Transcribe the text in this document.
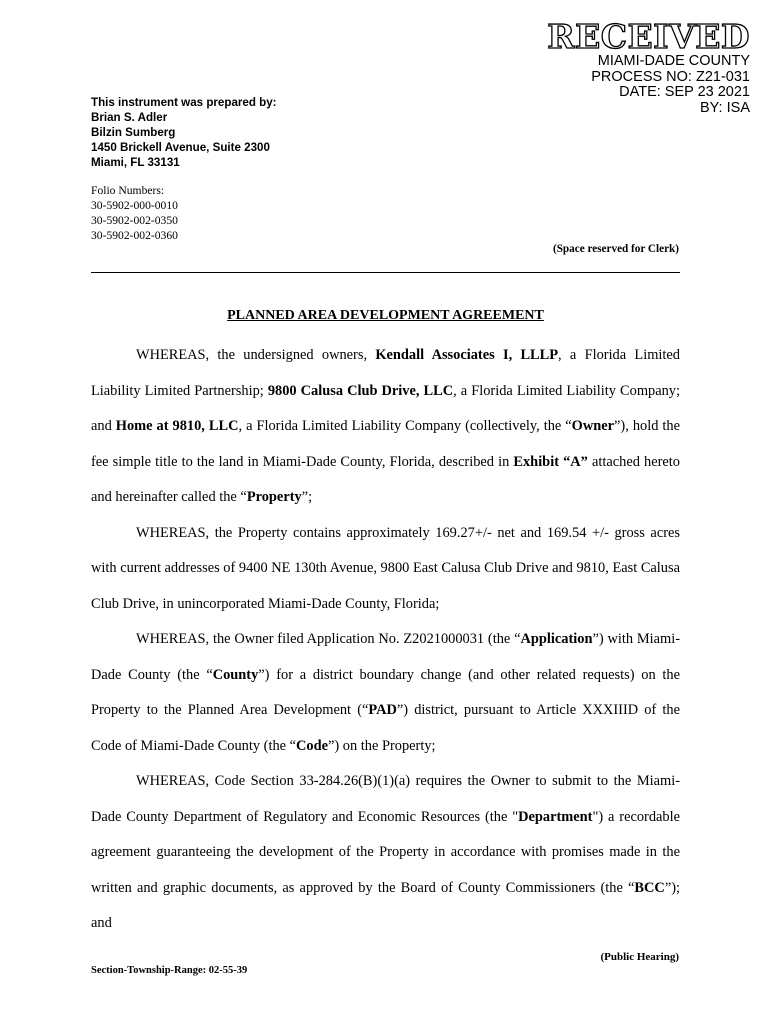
RECEIVED
MIAMI-DADE COUNTY
PROCESS NO: Z21-031
DATE: SEP 23 2021
BY: ISA
This instrument was prepared by:
Brian S. Adler
Bilzin Sumberg
1450 Brickell Avenue, Suite 2300
Miami, FL 33131
Folio Numbers:
30-5902-000-0010
30-5902-002-0350
30-5902-002-0360
(Space reserved for Clerk)
PLANNED AREA DEVELOPMENT AGREEMENT

WHEREAS, the undersigned owners, Kendall Associates I, LLLP, a Florida Limited Liability Limited Partnership; 9800 Calusa Club Drive, LLC, a Florida Limited Liability Company; and Home at 9810, LLC, a Florida Limited Liability Company (collectively, the “Owner”), hold the fee simple title to the land in Miami-Dade County, Florida, described in Exhibit “A” attached hereto and hereinafter called the “Property”;

WHEREAS, the Property contains approximately 169.27+/- net and 169.54 +/- gross acres with current addresses of 9400 NE 130th Avenue, 9800 East Calusa Club Drive and 9810, East Calusa Club Drive, in unincorporated Miami-Dade County, Florida;

WHEREAS, the Owner filed Application No. Z2021000031 (the “Application”) with Miami-Dade County (the “County”) for a district boundary change (and other related requests) on the Property to the Planned Area Development (“PAD”) district, pursuant to Article XXXIIID of the Code of Miami-Dade County (the “Code”) on the Property;

WHEREAS, Code Section 33-284.26(B)(1)(a) requires the Owner to submit to the Miami-Dade County Department of Regulatory and Economic Resources (the "Department") a recordable agreement guaranteeing the development of the Property in accordance with promises made in the written and graphic documents, as approved by the Board of County Commissioners (the “BCC”); and

(Public Hearing)
Section-Township-Range: 02-55-39
